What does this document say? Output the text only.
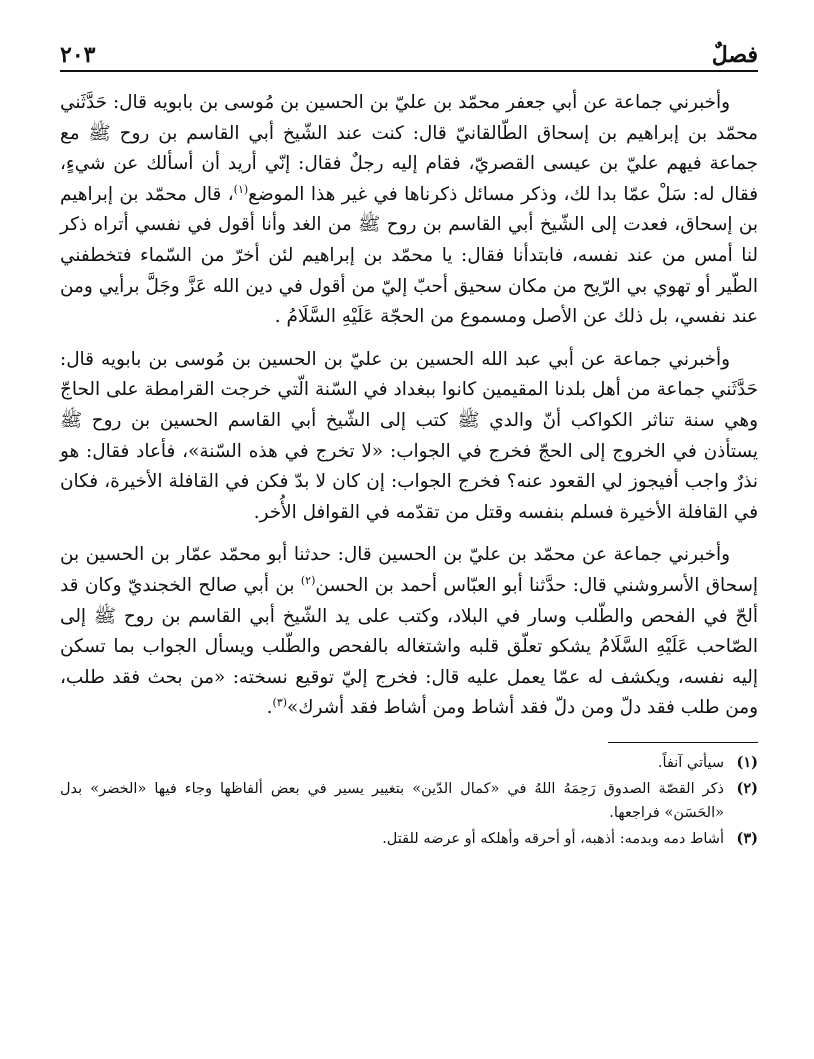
فصلٌ
٢٠٣

وأخبرني جماعة عن أبي جعفر محمّد بن عليّ بن الحسين بن مُوسى بن بابويه قال: حَدَّثَني محمّد بن إبراهيم بن إسحاق الطّالقانيّ قال: كنت عند الشّيخ أبي القاسم بن روح ﷺ مع جماعة فيهم عليّ بن عيسى القصريّ، فقام إليه رجلٌ فقال: إنّي أريد أن أسألك عن شيءٍ، فقال له: سَلْ عمّا بدا لك، وذكر مسائل ذكرناها في غير هذا الموضع$^{(١)}$، قال محمّد بن إبراهيم بن إسحاق، فعدت إلى الشّيخ أبي القاسم بن روح ﷺ من الغد وأنا أقول في نفسي أتراه ذكر لنا أمس من عند نفسه، فابتدأنا فقال: يا محمّد بن إبراهيم لئن أخرّ من السّماء فتخطفني الطّير أو تهوي بي الرّيح من مكان سحيق أحبّ إليّ من أقول في دين الله عَزَّ وجَلَّ برأيي ومن عند نفسي، بل ذلك عن الأصل ومسموع من الحجّة عَلَيْهِ السَّلَامُ .

وأخبرني جماعة عن أبي عبد الله الحسين بن عليّ بن الحسين بن مُوسى بن بابويه قال: حَدَّثَني جماعة من أهل بلدنا المقيمين كانوا ببغداد في السّنة الّتي خرجت القرامطة على الحاجّ وهي سنة تناثر الكواكب أنّ والدي ﷺ كتب إلى الشّيخ أبي القاسم الحسين بن روح ﷺ يستأذن في الخروج إلى الحجّ فخرج في الجواب: «لا تخرج في هذه السّنة»، فأعاد فقال: هو نذرٌ واجب أفيجوز لي القعود عنه؟ فخرج الجواب: إن كان لا بدّ فكن في القافلة الأخيرة، فكان في القافلة الأخيرة فسلم بنفسه وقتل من تقدّمه في القوافل الأُخر.

وأخبرني جماعة عن محمّد بن عليّ بن الحسين قال: حدثنا أبو محمّد عمّار بن الحسين بن إسحاق الأسروشني قال: حدَّثنا أبو العبّاس أحمد بن الحسن$^{(٢)}$ بن أبي صالح الخجنديّ وكان قد ألحّ في الفحص والطّلب وسار في البلاد، وكتب على يد الشّيخ أبي القاسم بن روح ﷺ إلى الصّاحب عَلَيْهِ السَّلَامُ يشكو تعلّق قلبه واشتغاله بالفحص والطّلب ويسأل الجواب بما تسكن إليه نفسه، ويكشف له عمّا يعمل عليه قال: فخرج إليّ توقيع نسخته: «من بحث فقد طلب، ومن طلب فقد دلّ ومن دلّ فقد أشاط ومن أشاط فقد أشرك»$^{(٣)}$.

(١)
سيأتي آنفاً.
(٢)
ذكر القصّة الصدوق رَحِمَهُ اللهُ في «كمال الدّين» بتغيير يسير في بعض ألفاظها وجاء فيها «الخضر» بدل «الحَسَن» فراجعها.
(٣)
أشاط دمه وبدمه: أذهبه، أو أحرقه وأهلكه أو عرضه للقتل.
